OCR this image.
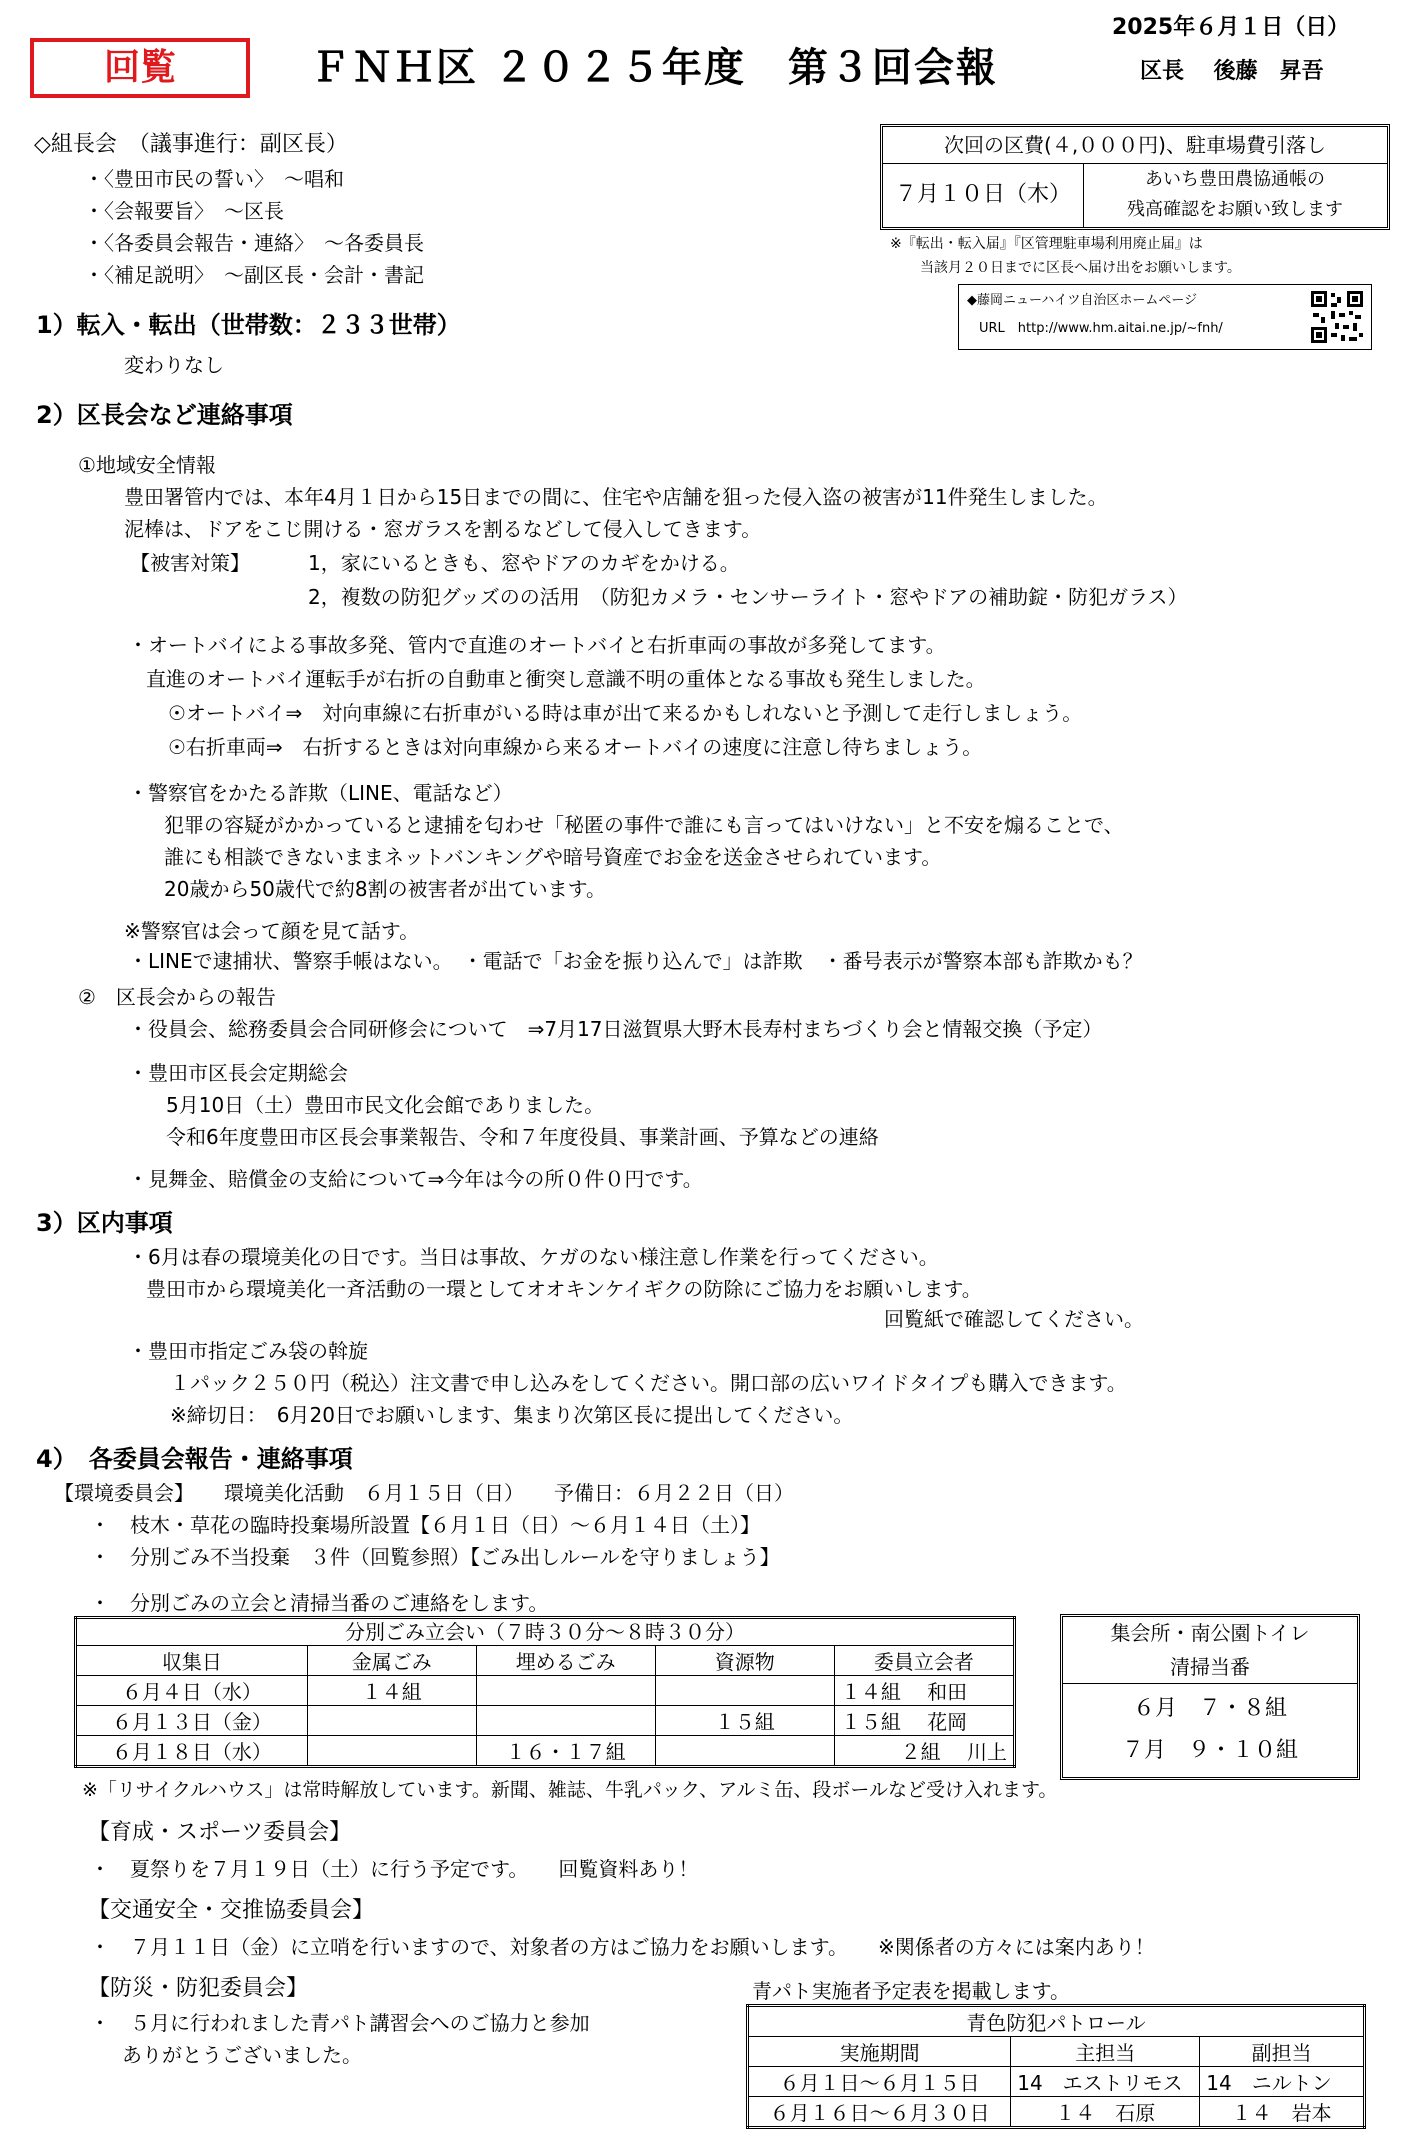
回覧	ＦＮＨ区 ２０２５年度　第３回会報
2025年６月１日（日）
区長　 後藤　昇吾
次回の区費(４,０００円)、駐車場費引落し
７月１０日（木）
あいち豊田農協通帳の
残高確認をお願い致します
※『転出・転入届』『区管理駐車場利用廃止届』は
当該月２０日までに区長へ届け出をお願いします。
◆藤岡ニューハイツ自治区ホームページ
URL　http://www.hm.aitai.ne.jp/~fnh/
◇組長会　（議事進行：副区長）
・〈豊田市民の誓い〉　～唱和
・〈会報要旨〉　～区長
・〈各委員会報告・連絡〉　～各委員長
・〈補足説明〉　～副区長・会計・書記
1）転入・転出（世帯数：２３３世帯）
変わりなし
2）区長会など連絡事項
①地域安全情報
豊田署管内では、本年4月１日から15日までの間に、住宅や店舗を狙った侵入盗の被害が11件発生しました。
泥棒は、ドアをこじ開ける・窓ガラスを割るなどして侵入してきます。
【被害対策】	1，家にいるときも、窓やドアのカギをかける。
2，複数の防犯グッズのの活用　（防犯カメラ・センサーライト・窓やドアの補助錠・防犯ガラス）
・オートバイによる事故多発、管内で直進のオートバイと右折車両の事故が多発してます。
直進のオートバイ運転手が右折の自動車と衝突し意識不明の重体となる事故も発生しました。
☉オートバイ⇒　対向車線に右折車がいる時は車が出て来るかもしれないと予測して走行しましょう。
☉右折車両⇒　右折するときは対向車線から来るオートバイの速度に注意し待ちましょう。
・警察官をかたる詐欺（LINE、電話など）
犯罪の容疑がかかっていると逮捕を匂わせ「秘匿の事件で誰にも言ってはいけない」と不安を煽ることで、
誰にも相談できないままネットバンキングや暗号資産でお金を送金させられています。
20歳から50歳代で約8割の被害者が出ています。
※警察官は会って顔を見て話す。
・LINEで逮捕状、警察手帳はない。　・電話で「お金を振り込んで」は詐欺　・番号表示が警察本部も詐欺かも？
②　区長会からの報告
・役員会、総務委員会合同研修会について　⇒7月17日滋賀県大野木長寿村まちづくり会と情報交換（予定）
・豊田市区長会定期総会
5月10日（土）豊田市民文化会館でありました。
令和6年度豊田市区長会事業報告、令和７年度役員、事業計画、予算などの連絡
・見舞金、賠償金の支給について⇒今年は今の所０件０円です。
3）区内事項
・6月は春の環境美化の日です。当日は事故、ケガのない様注意し作業を行ってください。
豊田市から環境美化一斉活動の一環としてオオキンケイギクの防除にご協力をお願いします。
回覧紙で確認してください。
・豊田市指定ごみ袋の斡旋
１パック２５０円（税込）注文書で申し込みをしてください。開口部の広いワイドタイプも購入できます。
※締切日：　6月20日でお願いします、集まり次第区長に提出してください。
4）　各委員会報告・連絡事項
【環境委員会】　　環境美化活動　６月１５日（日）　　予備日：６月２２日（日）
・　枝木・草花の臨時投棄場所設置【６月１日（日）～６月１４日（土）】
・　分別ごみ不当投棄　３件（回覧参照）【ごみ出しルールを守りましょう】
・　分別ごみの立会と清掃当番のご連絡をします。
分別ごみ立会い（７時３０分～８時３０分）				
収集日	金属ごみ	埋めるごみ	資源物	委員立会者
６月４日（水）	１４組			１４組　 和田
６月１３日（金）			１５組	１５組　 花岡
６月１８日（水）		１６・１７組		２組　 川上
集会所・南公園トイレ
清掃当番
６月　７・８組
７月　９・１０組
※「リサイクルハウス」は常時解放しています。新聞、雑誌、牛乳パック、アルミ缶、段ボールなど受け入れます。
【育成・スポーツ委員会】
・　夏祭りを７月１９日（土）に行う予定です。　　回覧資料あり！
【交通安全・交推協委員会】
・　７月１１日（金）に立哨を行いますので、対象者の方はご協力をお願いします。　　※関係者の方々には案内あり！
【防災・防犯委員会】
・　５月に行われました青パト講習会へのご協力と参加
ありがとうございました。
青パト実施者予定表を掲載します。
青色防犯パトロール		
実施期間	主担当	副担当
６月１日～６月１５日	14　エストリモス	14　ニルトン
６月１６日～６月３０日	１４　石原	１４　岩本
